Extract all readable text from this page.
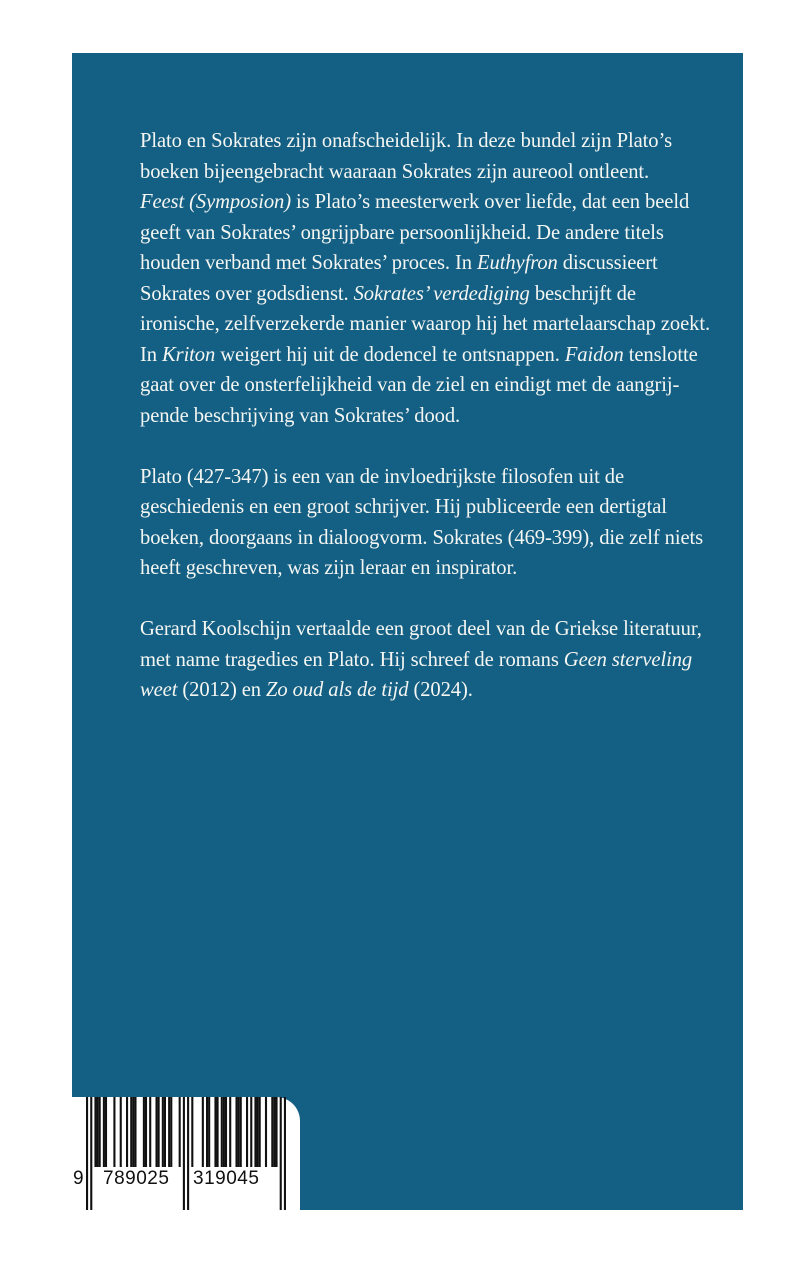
Plato en Sokrates zijn onafscheidelijk. In deze bundel zijn Plato’s boeken bijeengebracht waaraan Sokrates zijn aureool ontleent.
Feest (Symposion) is Plato’s meesterwerk over liefde, dat een beeld geeft van Sokrates’ ongrijpbare persoonlijkheid. De andere titels houden verband met Sokrates’ proces. In Euthyfron discussieert Sokrates over godsdienst. Sokrates’ verdediging beschrijft de ironische, zelfverzekerde manier waarop hij het martelaarschap zoekt. In Kriton weigert hij uit de dodencel te ontsnappen. Faidon tenslotte gaat over de onsterfelijkheid van de ziel en eindigt met de aangrij-pende beschrijving van Sokrates’ dood.

Plato (427-347) is een van de invloedrijkste filosofen uit de geschiedenis en een groot schrijver. Hij publiceerde een dertigtal boeken, doorgaans in dialoogvorm. Sokrates (469-399), die zelf niets heeft geschreven, was zijn leraar en inspirator.

Gerard Koolschijn vertaalde een groot deel van de Griekse literatuur, met name tragedies en Plato. Hij schreef de romans Geen sterveling weet (2012) en Zo oud als de tijd (2024).

9 789025 319045
